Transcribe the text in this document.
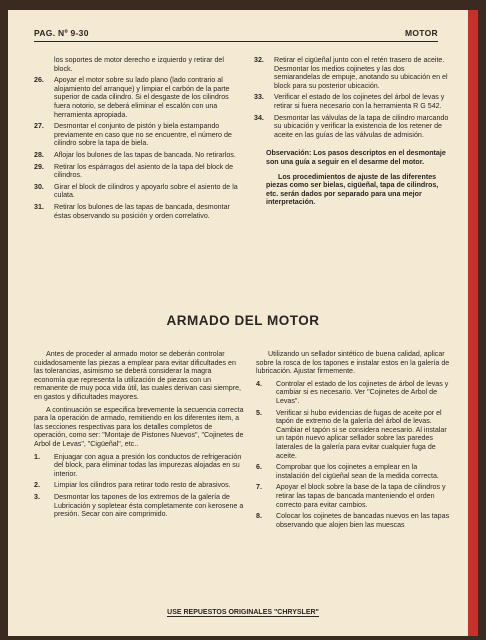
PAG. Nº 9-30	MOTOR
los soportes de motor derecho e izquierdo y retirar del block.
26.	Apoyar el motor sobre su lado plano (lado contrario al alojamiento del arranque) y limpiar el carbón de la parte superior de cada cilindro. Si el desgaste de los cilindros fuera notorio, se deberá eliminar el escalón con una herramienta apropiada.
27.	Desmontar el conjunto de pistón y biela estampando previamente en caso que no se encuentre, el número de cilindro sobre la tapa de biela.
28.	Aflojar los bulones de las tapas de bancada. No retirarlos.
29.	Retirar los espárragos del asiento de la tapa del block de cilindros.
30.	Girar el block de cilindros y apoyarlo sobre el asiento de la culata.
31.	Retirar los bulones de las tapas de bancada, desmontar éstas observando su posición y orden correlativo.
32.	Retirar el cigüeñal junto con el retén trasero de aceite. Desmontar los medios cojinetes y las dos semiarandelas de empuje, anotando su ubicación en el block para su posterior ubicación.
33.	Verificar el estado de los cojinetes del árbol de levas y retirar si fuera necesario con la herramienta R G 542.
34.	Desmontar las válvulas de la tapa de cilindro marcando su ubicación y verificar la existencia de los retener de aceite en las guías de las válvulas de admisión.

Observación: Los pasos descriptos en el desmontaje son una guía a seguir en el desarme del motor.

Los procedimientos de ajuste de las diferentes piezas como ser bielas, cigüeñal, tapa de cilindros, etc. serán dados por separado para una mejor interpretación.

ARMADO DEL MOTOR

Antes de proceder al armado motor se deberán controlar cuidadosamente las piezas a emplear para evitar dificultades en las tolerancias, asimismo se deberá considerar la magra economía que representa la utilización de piezas con un remanente de muy poca vida útil, las cuales derivan casi siempre, en gastos y dificultades mayores.

A continuación se especifica brevemente la secuencia correcta para la operación de armado, remitiendo en los diferentes item, a las secciones respectivas para los detalles completos de operación, como ser: "Montaje de Pistones Nuevos", "Cojinetes de Arbol de Levas", "Cigüeñal", etc..

1.	Enjuagar con agua a presión los conductos de refrigeración del block, para eliminar todas las impurezas alojadas en su interior.
2.	Limpiar los cilindros para retirar todo resto de abrasivos.
3.	Desmontar los tapones de los extremos de la galería de Lubricación y sopletear ésta completamente con kerosene a presión. Secar con aire comprimido.

Utilizando un sellador sintético de buena calidad, aplicar sobre la rosca de los tapones e instalar estos en la galería de lubricación. Ajustar firmemente.

4.	Controlar el estado de los cojinetes de árbol de levas y cambiar si es necesario. Ver "Cojinetes de Arbol de Levas".
5.	Verificar si hubo evidencias de fugas de aceite por el tapón de extremo de la galería del árbol de levas. Cambiar el tapón si se considera necesario. Al instalar un tapón nuevo aplicar sellador sobre las paredes laterales de la galería para evitar cualquier fuga de aceite.
6.	Comprobar que los cojinetes a emplear en la instalación del cigüeñal sean de la medida correcta.
7.	Apoyar el block sobre la base de la tapa de cilindros y retirar las tapas de bancada manteniendo el orden correcto para evitar cambios.
8.	Colocar los cojinetes de bancadas nuevos en las tapas observando que alojen bien las muescas
USE REPUESTOS ORIGINALES "CHRYSLER"
